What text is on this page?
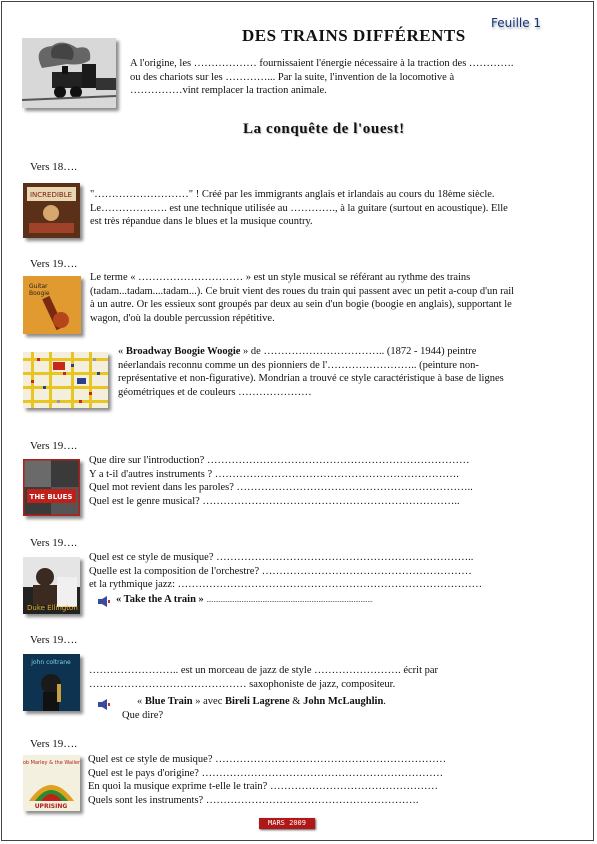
DES TRAINS DIFFÉRENTS
Feuille 1
A l'origine, les ……………… fournissaient l'énergie nécessaire à la traction des ………….
ou des chariots sur les …………... Par la suite, l'invention de la locomotive à
……………vint remplacer la traction animale.
La conquête de l'ouest!
Vers 18….
INCREDIBLE "………………………" ! Créé par les immigrants anglais et irlandais au cours du 18ème siècle.
Le………………. est une technique utilisée au …………., à la guitare (surtout en acoustique). Elle
est très répandue dans le blues et la musique country.
Vers 19….
Guitar
Boogie
Le terme « ………………………… » est un style musical se référant au rythme des trains
(tadam...tadam....tadam...). Ce bruit vient des roues du train qui passent avec un petit a-coup d'un rail
à un autre. Or les essieux sont groupés par deux au sein d'un bogie (boogie en anglais), supportant le
wagon, d'où la double percussion répétitive.
« Broadway Boogie Woogie » de …………………………….. (1872 - 1944) peintre
néerlandais reconnu comme un des pionniers de l'…………………….. (peinture non-
représentative et non-figurative). Mondrian a trouvé ce style caractéristique à base de lignes
géométriques et de couleurs …………………
Vers 19….
THE BLUES
Que dire sur l'introduction? …………………………………………………………………
Y a t-il d'autres instruments ? …………………………………………………………….
Quel mot revient dans les paroles? …………………………………………………………..
Quel est le genre musical? ………………………………………………………………..
Vers 19….
Duke Ellington
Quel est ce style de musique? ………………………………………………………………..
Quelle est la composition de l'orchestre? ……………………………………………………
et la rythmique jazz: ……………………………………………………………………………
« Take the A train » ...............................................................................................
Vers 19….
john coltrane
…………………….. est un morceau de jazz de style ……………………. écrit par
……………………………………… saxophoniste de jazz, compositeur.
« Blue Train » avec Bireli Lagrene & John McLaughlin.
Que dire?
Vers 19….
Bob Marley & the Wailers
UPRISING
Quel est ce style de musique? …………………………………………………………
Quel est le pays d'origine? ……………………………………………………………
En quoi la musique exprime t-elle le train? …………………………………………
Quels sont les instruments? …………………………………………………….
MARS 2009
